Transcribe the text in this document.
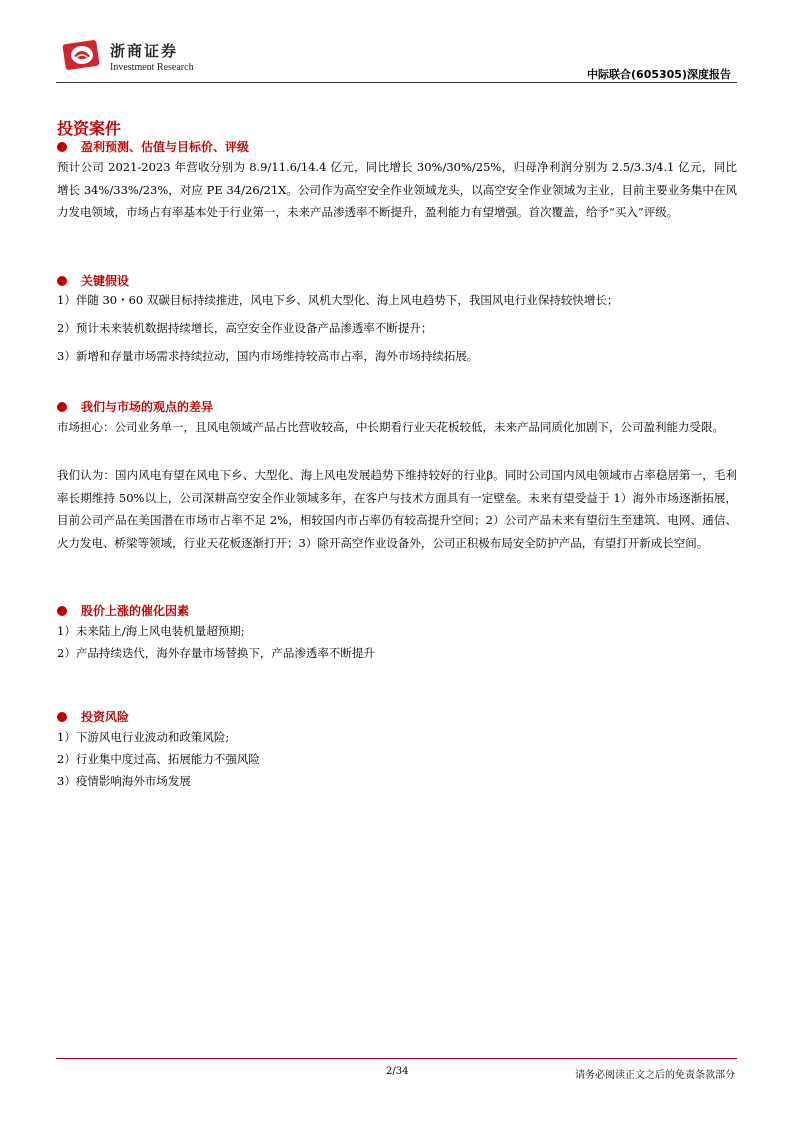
浙商证券
Investment Research
中际联合(605305)深度报告
投资案件
盈利预测、估值与目标价、评级
预计公司 2021-2023 年营收分别为 8.9/11.6/14.4 亿元，同比增长 30%/30%/25%，归母净利润分别为 2.5/3.3/4.1 亿元，同比增长 34%/33%/23%，对应 PE 34/26/21X。公司作为高空安全作业领域龙头，以高空安全作业领域为主业，目前主要业务集中在风力发电领域，市场占有率基本处于行业第一，未来产品渗透率不断提升，盈利能力有望增强。首次覆盖，给予“买入”评级。
关键假设
1）伴随 30・60 双碳目标持续推进，风电下乡、风机大型化、海上风电趋势下，我国风电行业保持较快增长；
2）预计未来装机数据持续增长，高空安全作业设备产品渗透率不断提升；
3）新增和存量市场需求持续拉动，国内市场维持较高市占率，海外市场持续拓展。
我们与市场的观点的差异
市场担心：公司业务单一，且风电领域产品占比营收较高，中长期看行业天花板较低，未来产品同质化加剧下，公司盈利能力受限。
我们认为：国内风电有望在风电下乡、大型化、海上风电发展趋势下维持较好的行业β。同时公司国内风电领域市占率稳居第一，毛利率长期维持 50%以上，公司深耕高空安全作业领域多年，在客户与技术方面具有一定壁垒。未来有望受益于 1）海外市场逐渐拓展，目前公司产品在美国潜在市场市占率不足 2%，相较国内市占率仍有较高提升空间；2）公司产品未来有望衍生至建筑、电网、通信、火力发电、桥梁等领域，行业天花板逐渐打开；3）除开高空作业设备外，公司正积极布局安全防护产品，有望打开新成长空间。
股价上涨的催化因素
1）未来陆上/海上风电装机量超预期;
2）产品持续迭代，海外存量市场替换下，产品渗透率不断提升
投资风险
1）下游风电行业波动和政策风险;
2）行业集中度过高、拓展能力不强风险
3）疫情影响海外市场发展
2/34	请务必阅读正文之后的免责条款部分
